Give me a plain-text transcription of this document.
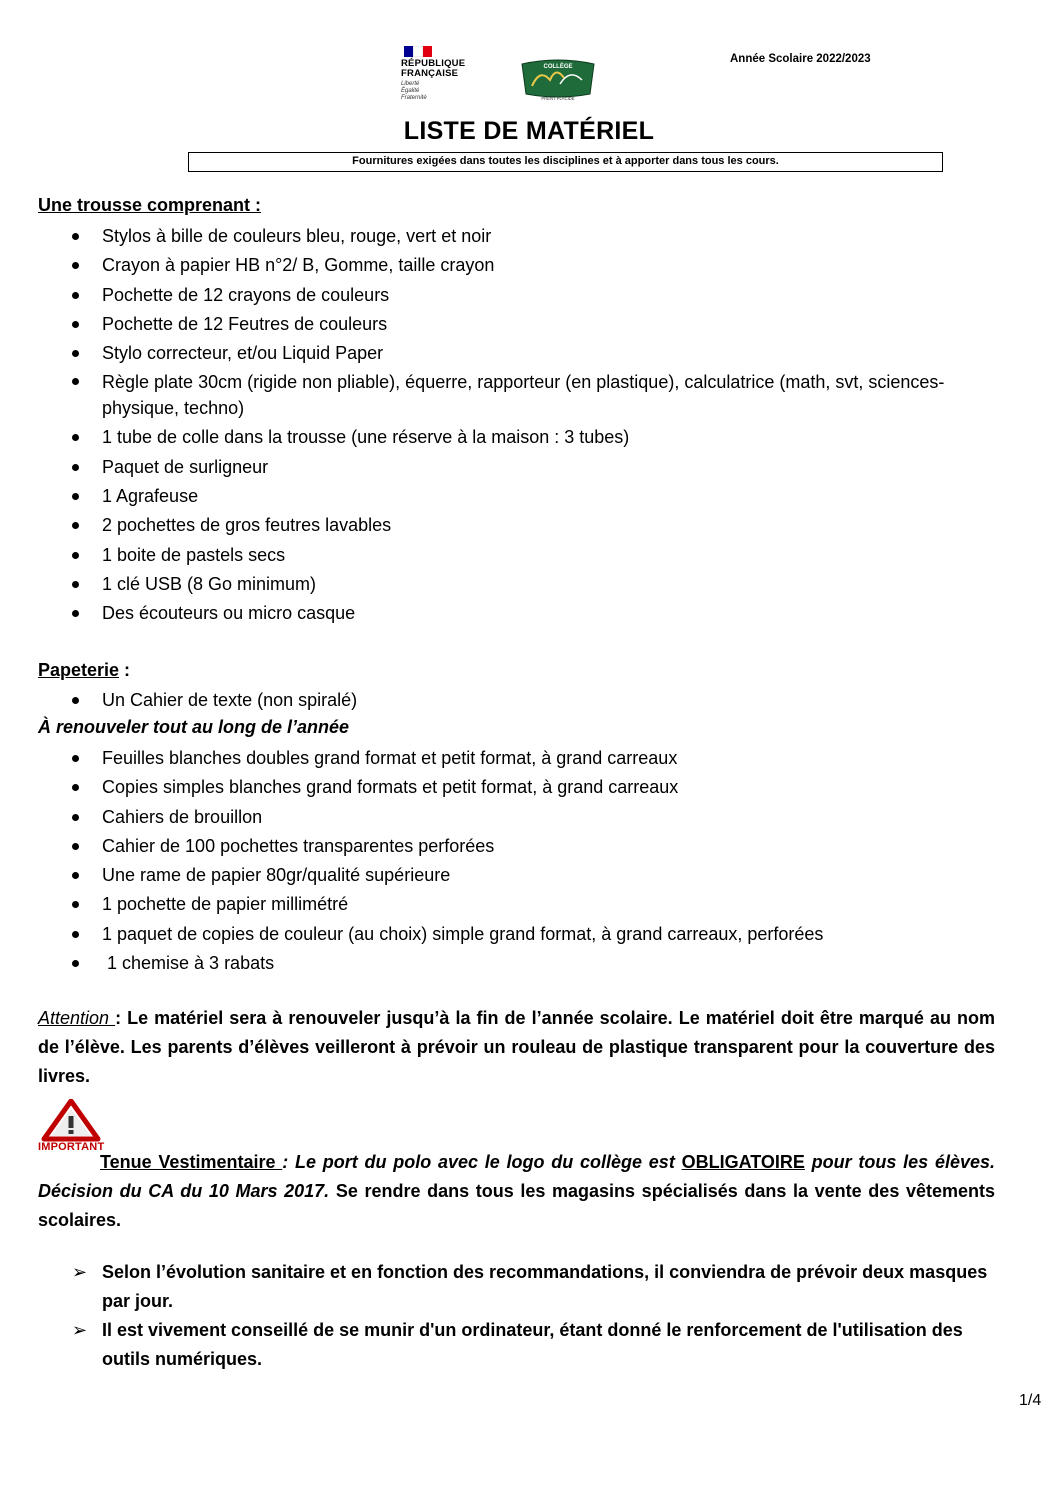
RÉPUBLIQUE
FRANÇAISE
Liberté
Égalité
Fraternité
COLLÈGE
PRENT PLACIDE
Année Scolaire 2022/2023
LISTE DE MATÉRIEL
Fournitures exigées dans toutes les disciplines et à apporter dans tous les cours.
Une trousse comprenant :
Stylos à bille de couleurs bleu, rouge, vert et noir
Crayon à papier HB n°2/ B, Gomme, taille crayon
Pochette de 12 crayons de couleurs
Pochette de 12 Feutres de couleurs
Stylo correcteur, et/ou Liquid Paper
Règle plate 30cm (rigide non pliable), équerre, rapporteur (en plastique), calculatrice (math, svt, sciences-physique, techno)
1 tube de colle dans la trousse (une réserve à la maison : 3 tubes)
Paquet de surligneur
1 Agrafeuse
2 pochettes de gros feutres lavables
1 boite de pastels secs
1 clé USB (8 Go minimum)
Des écouteurs ou micro casque
Papeterie :
Un Cahier de texte (non spiralé)
À renouveler tout au long de l’année
Feuilles blanches doubles grand format et petit format, à grand carreaux
Copies simples blanches grand formats et petit format, à grand carreaux
Cahiers de brouillon
Cahier de 100 pochettes transparentes perforées
Une rame de papier 80gr/qualité supérieure
1 pochette de papier millimétré
1 paquet de copies de couleur (au choix) simple grand format, à grand carreaux, perforées
1 chemise à 3 rabats
Attention : Le matériel sera à renouveler jusqu’à la fin de l’année scolaire. Le matériel doit être marqué au nom de l’élève. Les parents d’élèves veilleront à prévoir un rouleau de plastique transparent pour la couverture des livres.
IMPORTANT
Tenue Vestimentaire : Le port du polo avec le logo du collège est OBLIGATOIRE pour tous les élèves. Décision du CA du 10 Mars 2017. Se rendre dans tous les magasins spécialisés dans la vente des vêtements scolaires.
➢ Selon l’évolution sanitaire et en fonction des recommandations, il conviendra de prévoir deux masques par jour.
➢ Il est vivement conseillé de se munir d'un ordinateur, étant donné le renforcement de l'utilisation des outils numériques.
1/4
